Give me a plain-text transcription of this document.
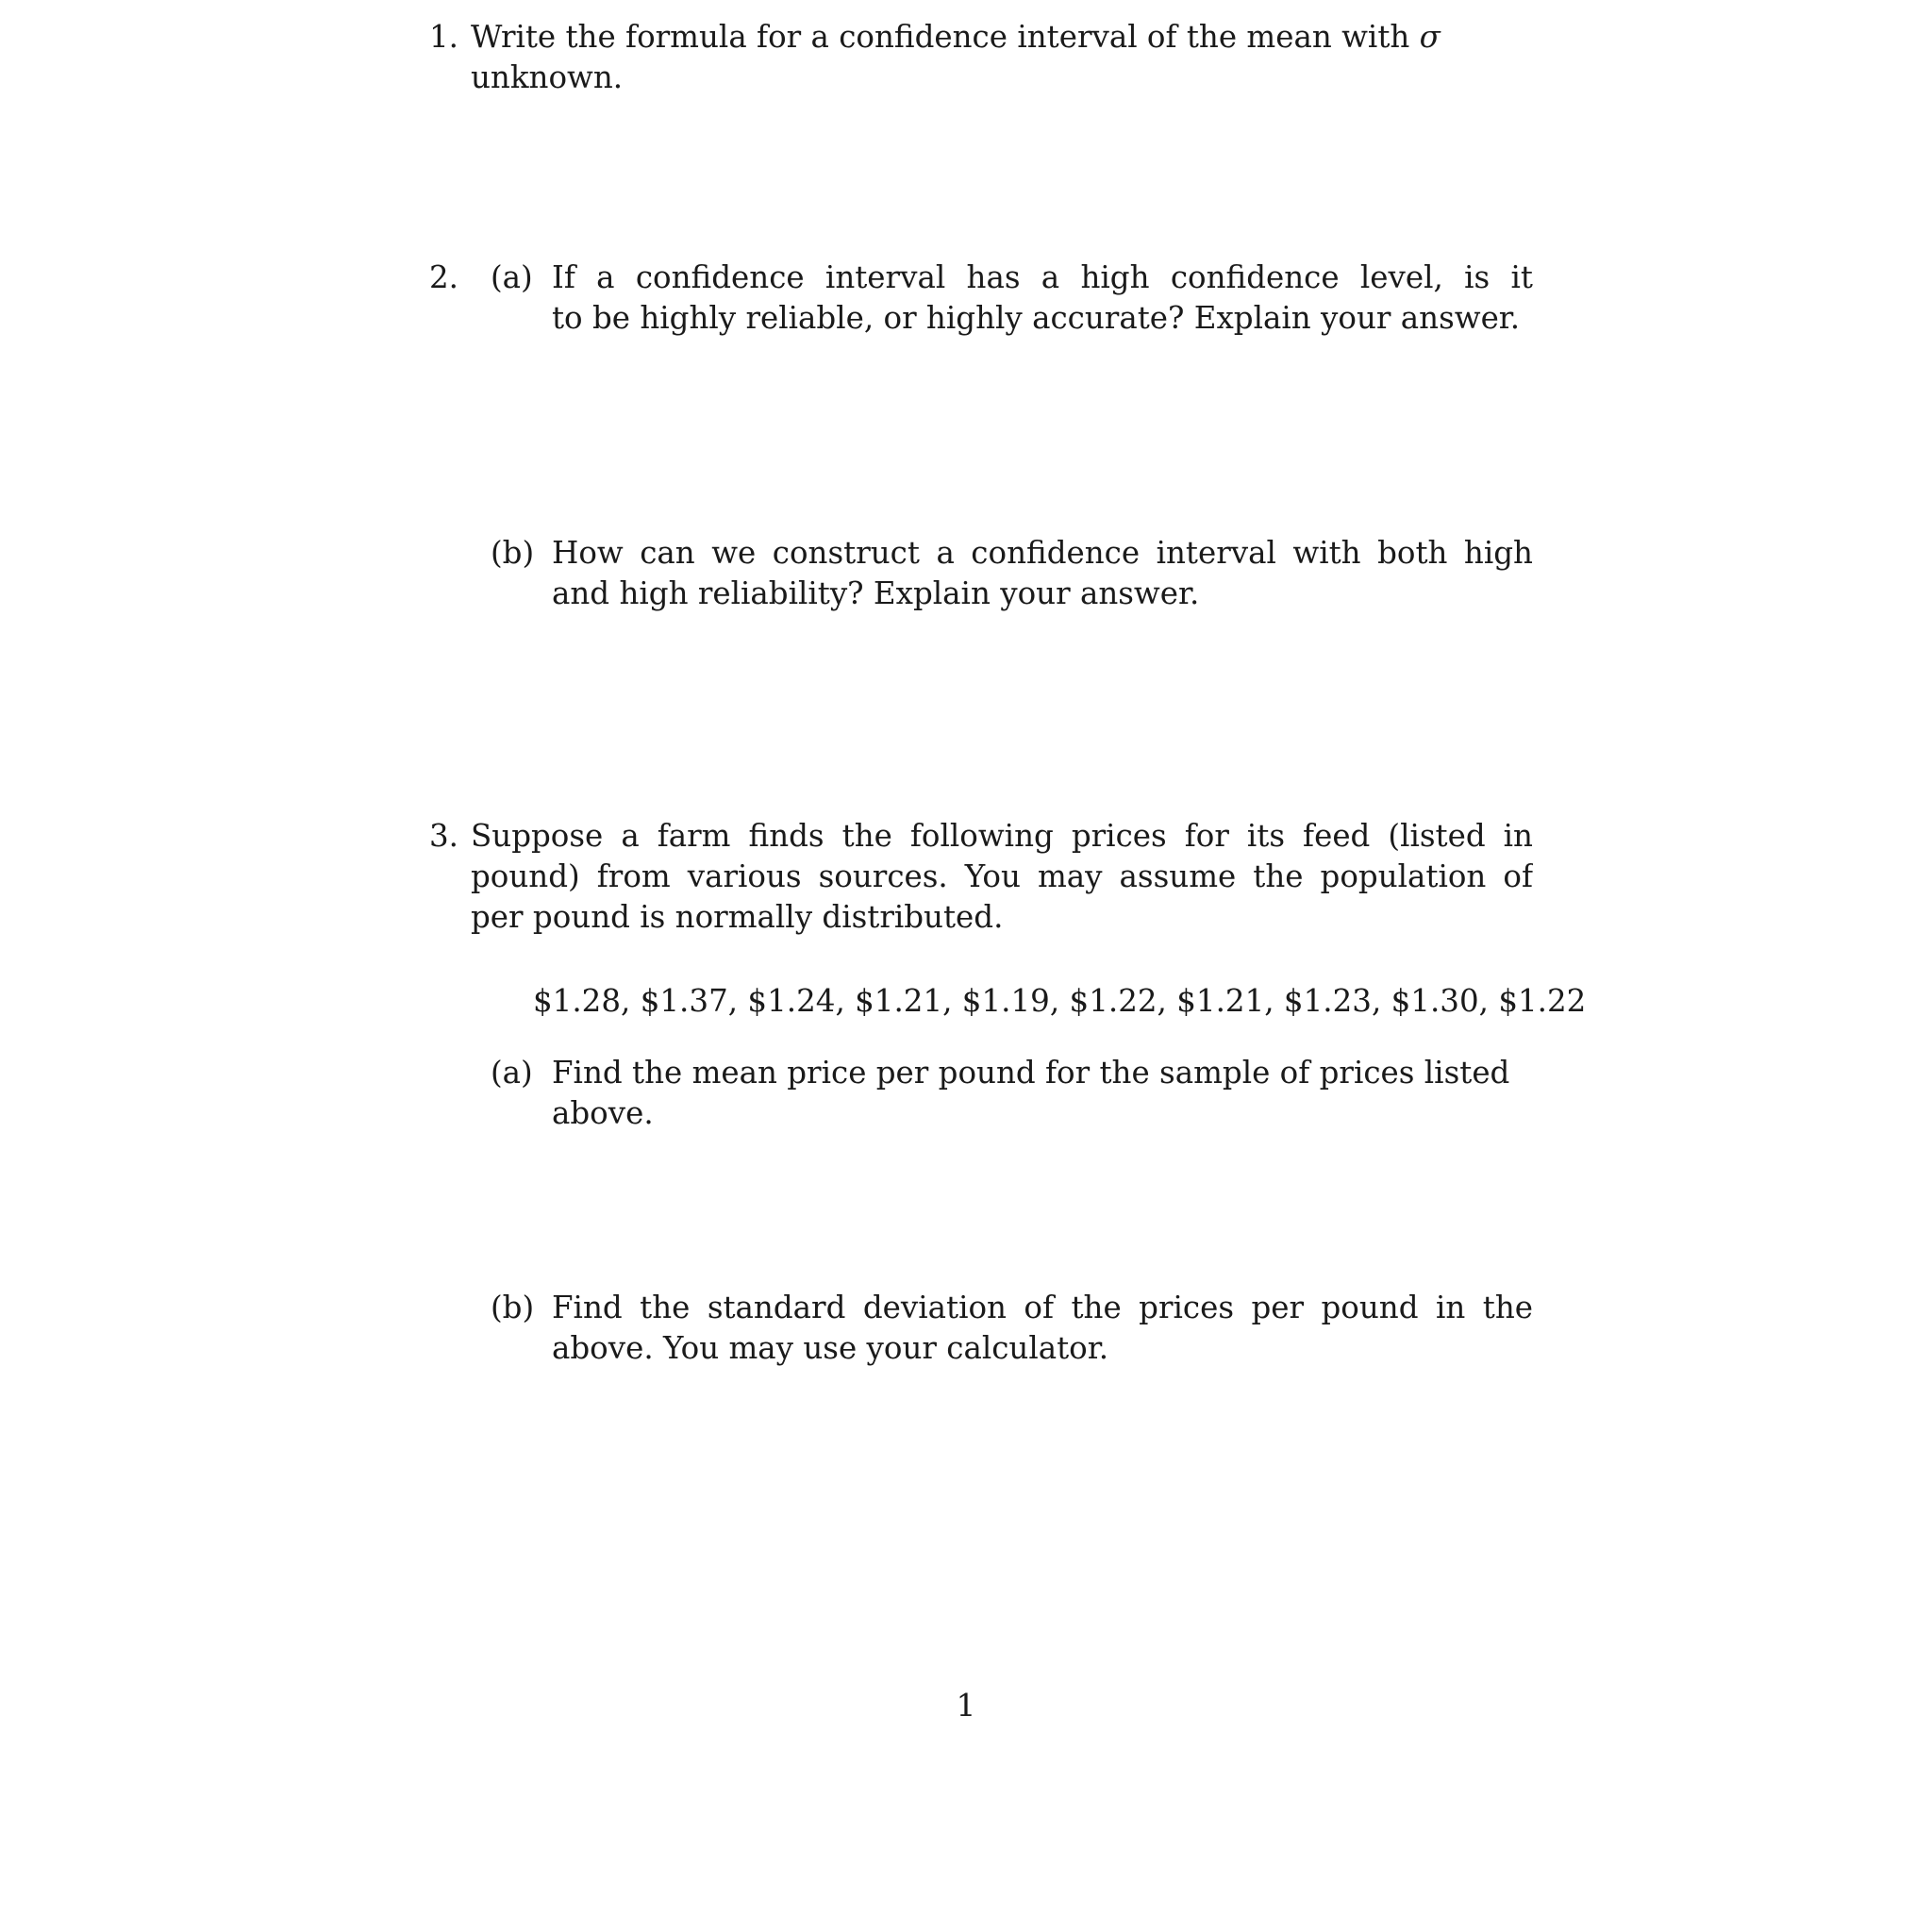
1. Write the formula for a confidence interval of the mean with σ unknown.
2. (a) If a confidence interval has a high confidence level, is it
to be highly reliable, or highly accurate? Explain your answer.
(b) How can we construct a confidence interval with both high
and high reliability? Explain your answer.
3. Suppose a farm finds the following prices for its feed (listed in
pound) from various sources. You may assume the population of
per pound is normally distributed.
$1.28, $1.37, $1.24, $1.21, $1.19, $1.22, $1.21, $1.23, $1.30, $1.22
(a) Find the mean price per pound for the sample of prices listed above.
(b) Find the standard deviation of the prices per pound in the
above. You may use your calculator.
1
